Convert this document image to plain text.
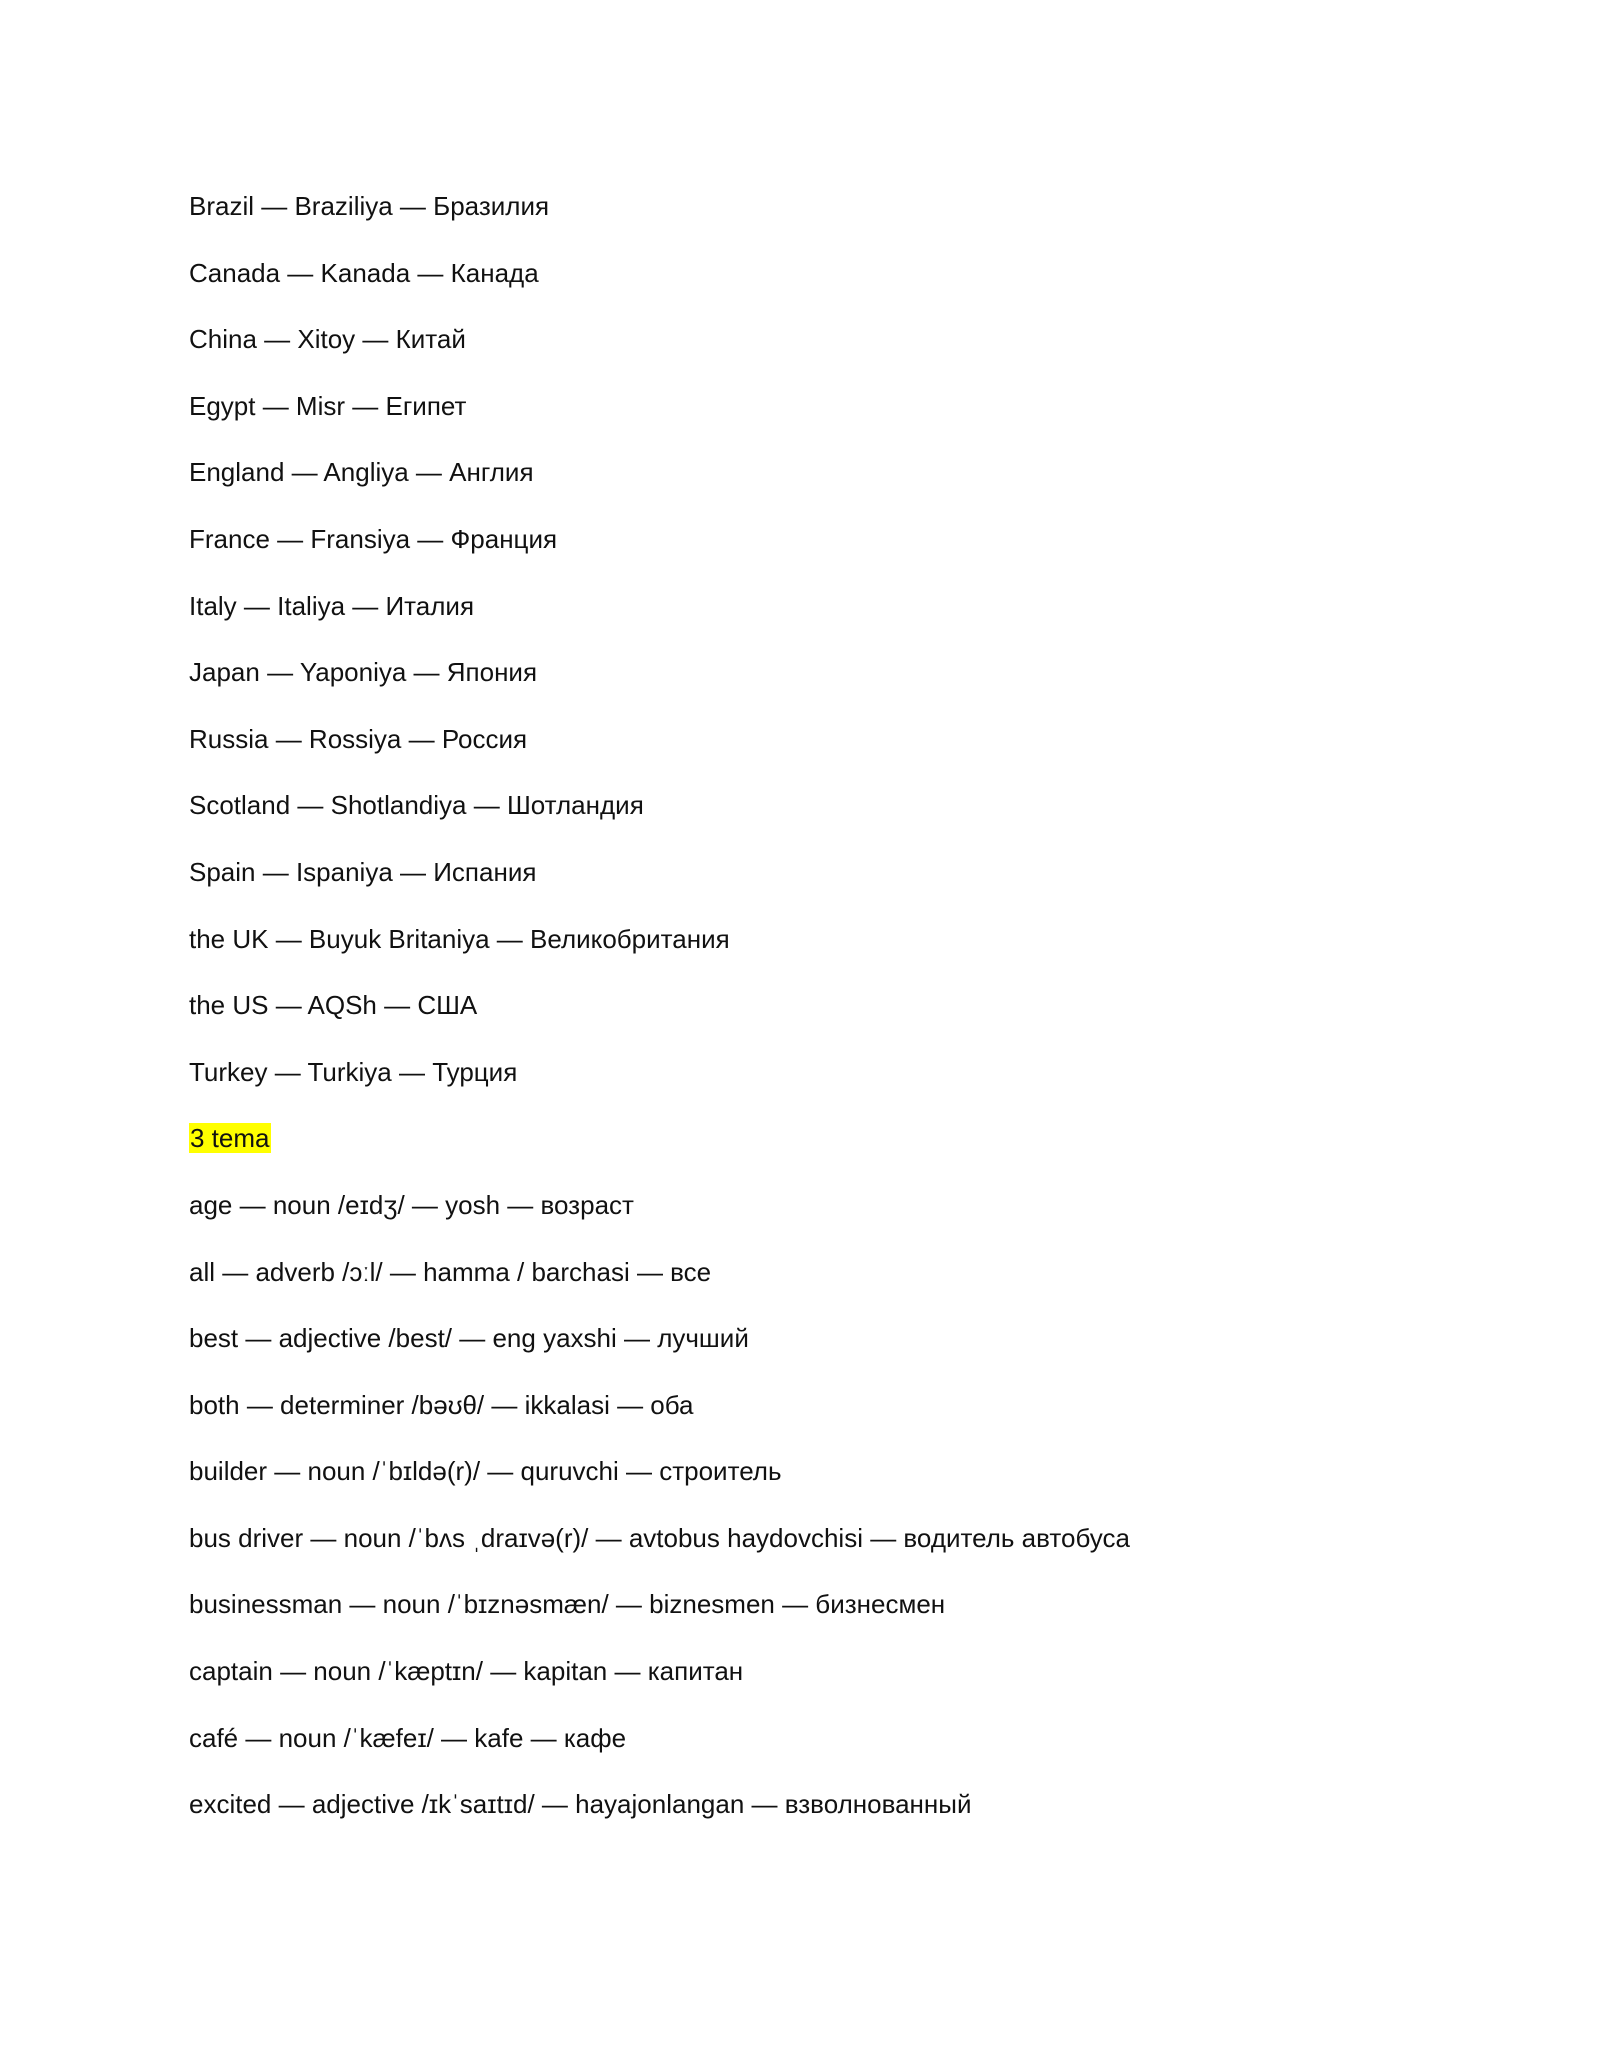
Brazil — Braziliya — Бразилия
Canada — Kanada — Канада
China — Xitoy — Китай
Egypt — Misr — Египет
England — Angliya — Англия
France — Fransiya — Франция
Italy — Italiya — Италия
Japan — Yaponiya — Япония
Russia — Rossiya — Россия
Scotland — Shotlandiya — Шотландия
Spain — Ispaniya — Испания
the UK — Buyuk Britaniya — Великобритания
the US — AQSh — США
Turkey — Turkiya — Турция
3 tema
age — noun /eɪdʒ/ — yosh — возраст
all — adverb /ɔːl/ — hamma / barchasi — все
best — adjective /best/ — eng yaxshi — лучший
both — determiner /bəʊθ/ — ikkalasi — оба
builder — noun /ˈbɪldə(r)/ — quruvchi — строитель
bus driver — noun /ˈbʌs ˌdraɪvə(r)/ — avtobus haydovchisi — водитель автобуса
businessman — noun /ˈbɪznəsmæn/ — biznesmen — бизнесмен
captain — noun /ˈkæptɪn/ — kapitan — капитан
café — noun /ˈkæfeɪ/ — kafe — кафе
excited — adjective /ɪkˈsaɪtɪd/ — hayajonlangan — взволнованный
